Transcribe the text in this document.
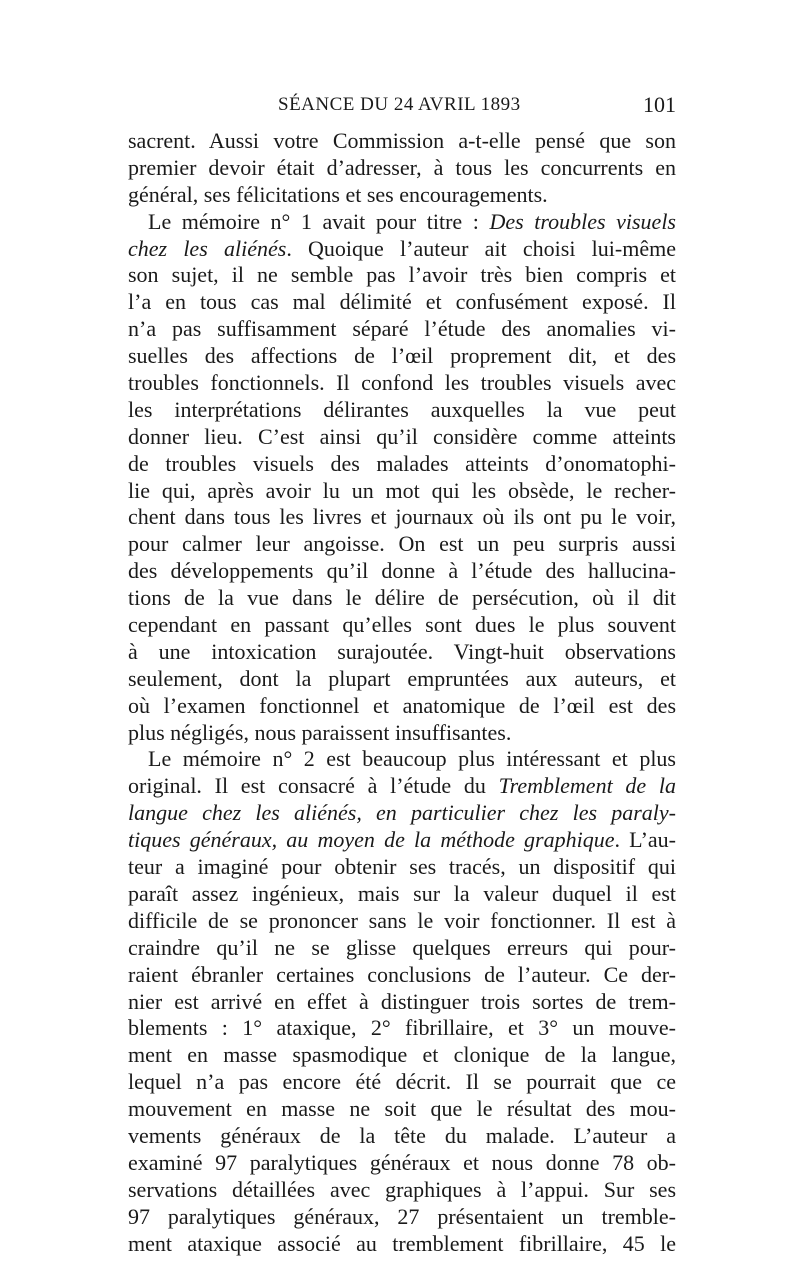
SÉANCE DU 24 AVRIL 1893	101
sacrent. Aussi votre Commission a-t-elle pensé que son
premier devoir était d’adresser, à tous les concurrents en
général, ses félicitations et ses encouragements.
Le mémoire n° 1 avait pour titre : Des troubles visuels
chez les aliénés. Quoique l’auteur ait choisi lui-même
son sujet, il ne semble pas l’avoir très bien compris et
l’a en tous cas mal délimité et confusément exposé. Il
n’a pas suffisamment séparé l’étude des anomalies vi-
suelles des affections de l’œil proprement dit, et des
troubles fonctionnels. Il confond les troubles visuels avec
les interprétations délirantes auxquelles la vue peut
donner lieu. C’est ainsi qu’il considère comme atteints
de troubles visuels des malades atteints d’onomatophi-
lie qui, après avoir lu un mot qui les obsède, le recher-
chent dans tous les livres et journaux où ils ont pu le voir,
pour calmer leur angoisse. On est un peu surpris aussi
des développements qu’il donne à l’étude des hallucina-
tions de la vue dans le délire de persécution, où il dit
cependant en passant qu’elles sont dues le plus souvent
à une intoxication surajoutée. Vingt-huit observations
seulement, dont la plupart empruntées aux auteurs, et
où l’examen fonctionnel et anatomique de l’œil est des
plus négligés, nous paraissent insuffisantes.
Le mémoire n° 2 est beaucoup plus intéressant et plus
original. Il est consacré à l’étude du Tremblement de la
langue chez les aliénés, en particulier chez les paraly-
tiques généraux, au moyen de la méthode graphique. L’au-
teur a imaginé pour obtenir ses tracés, un dispositif qui
paraît assez ingénieux, mais sur la valeur duquel il est
difficile de se prononcer sans le voir fonctionner. Il est à
craindre qu’il ne se glisse quelques erreurs qui pour-
raient ébranler certaines conclusions de l’auteur. Ce der-
nier est arrivé en effet à distinguer trois sortes de trem-
blements : 1° ataxique, 2° fibrillaire, et 3° un mouve-
ment en masse spasmodique et clonique de la langue,
lequel n’a pas encore été décrit. Il se pourrait que ce
mouvement en masse ne soit que le résultat des mou-
vements généraux de la tête du malade. L’auteur a
examiné 97 paralytiques généraux et nous donne 78 ob-
servations détaillées avec graphiques à l’appui. Sur ses
97 paralytiques généraux, 27 présentaient un tremble-
ment ataxique associé au tremblement fibrillaire, 45 le
